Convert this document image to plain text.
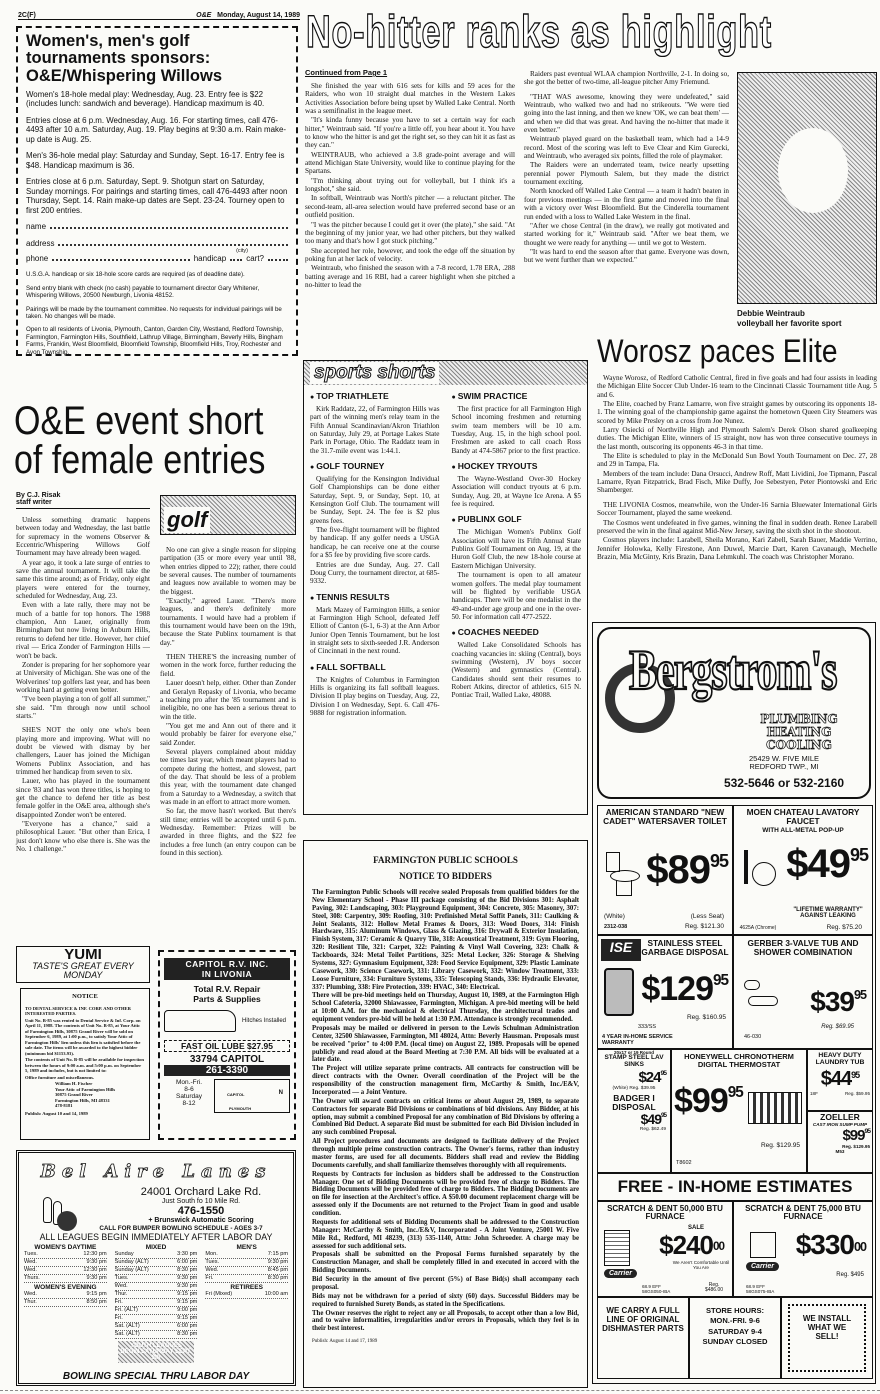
2C(F)	O&E Monday, August 14, 1989
Women's, men's golf tournaments sponsors: O&E/Whispering Willows

Women's 18-hole medal play: Wednesday, Aug. 23. Entry fee is $22 (includes lunch: sandwich and beverage). Handicap maximum is 40.

Entries close at 6 p.m. Wednesday, Aug. 16. For starting times, call 476-4493 after 10 a.m. Saturday, Aug. 19. Play begins at 9:30 a.m. Rain make-up date is Aug. 25.

Men's 36-hole medal play: Saturday and Sunday, Sept. 16-17. Entry fee is $48. Handicap maximum is 36.

Entries close at 6 p.m. Saturday, Sept. 9. Shotgun start on Saturday, Sunday mornings. For pairings and starting times, call 476-4493 after noon Thursday, Sept. 14. Rain make-up dates are Sept. 23-24. Tourney open to first 200 entries.

name
address
(city)
phone	handicap	cart?

U.S.G.A. handicap or six 18-hole score cards are required (as of deadline date).

Send entry blank with check (no cash) payable to tournament director Gary Whitener, Whispering Willows, 20500 Newburgh, Livonia 48152.

Pairings will be made by the tournament committee. No requests for individual pairings will be taken. No changes will be made.

Open to all residents of Livonia, Plymouth, Canton, Garden City, Westland, Redford Township, Farmington, Farmington Hills, Southfield, Lathrup Village, Birmingham, Beverly Hills, Bingham Farms, Franklin, West Bloomfield, Bloomfield Township, Bloomfield Hills, Troy, Rochester and Avon Township.

No-hitter ranks as highlight
Continued from Page 1

She finished the year with 616 sets for kills and 59 aces for the Raiders, who won 10 straight dual matches in the Western Lakes Activities Association before being upset by Walled Lake Central. North was a semifinalist in the league meet.

"It's kinda funny because you have to set a certain way for each hitter," Weintraub said. "If you're a little off, you hear about it. You have to know who the hitter is and get the right set, so they can hit it as fast as they can."

WEINTRAUB, who achieved a 3.8 grade-point average and will attend Michigan State University, would like to continue playing for the Spartans.

"I'm thinking about trying out for volleyball, but I think it's a longshot," she said.

In softball, Weintraub was North's pitcher — a reluctant pitcher. The second-team, all-area selection would have preferred second base or an outfield position.

"I was the pitcher because I could get it over (the plate)," she said. "At the beginning of my junior year, we had other pitchers, but they walked too many and that's how I got stuck pitching."

She accepted her role, however, and took the edge off the situation by poking fun at her lack of velocity.

Weintraub, who finished the season with a 7-8 record, 1.78 ERA, .288 batting average and 16 RBI, had a career highlight when she pitched a no-hitter to lead the

Raiders past eventual WLAA champion Northville, 2-1. In doing so, she got the better of two-time, all-league pitcher Amy Friemund.

"THAT WAS awesome, knowing they were undefeated," said Weintraub, who walked two and had no strikeouts. "We were tied going into the last inning, and then we knew 'OK, we can beat them' — and when we did that was great. And having the no-hitter that made it even better."

Weintraub played guard on the basketball team, which had a 14-9 record. Most of the scoring was left to Eve Clear and Kim Gurecki, and Weintraub, who averaged six points, filled the role of playmaker.

The Raiders were an underrated team, twice nearly upsetting perennial power Plymouth Salem, but they made the district tournament exciting.

North knocked off Walled Lake Central — a team it hadn't beaten in four previous meetings — in the first game and moved into the final with a victory over West Bloomfield. But the Cinderella tournament run ended with a loss to Walled Lake Western in the final.

"After we chose Central (in the draw), we really got motivated and started working for it," Weintraub said. "After we beat them, we thought we were ready for anything — until we got to Western.

"It was hard to end the season after that game. Everyone was down, but we went further than we expected."

Debbie Weintraub
volleyball her favorite sport
sports shorts
● TOP TRIATHLETE

Kirk Raddatz, 22, of Farmington Hills was part of the winning men's relay team in the Fifth Annual Scandinavian/Akron Triathlon on Saturday, July 29, at Portage Lakes State Park in Portage, Ohio. The Raddatz team in the 31.7-mile event was 1:44.1.

● GOLF TOURNEY

Qualifying for the Kensington Individual Golf Championships can be done either Saturday, Sept. 9, or Sunday, Sept. 10, at Kensington Golf Club. The tournament will be Sunday, Sept. 24. The fee is $2 plus greens fees.

The five-flight tournament will be flighted by handicap. If any golfer needs a USGA handicap, he can receive one at the course for a $5 fee by providing five score cards.

Entries are due Sunday, Aug. 27. Call Doug Curry, the tournament director, at 685-9332.

● TENNIS RESULTS

Mark Mazey of Farmington Hills, a senior at Farmington High School, defeated Jeff Elliott of Canton (6-1, 6-3) at the Ann Arbor Junior Open Tennis Tournament, but he lost in straight sets to sixth-seeded J.R. Anderson of Cincinnati in the next round.

● FALL SOFTBALL

The Knights of Columbus in Farmington Hills is organizing its fall softball leagues. Division II play begins on Tuesday, Aug. 22, Division I on Wednesday, Sept. 6. Call 476-9888 for registration information.

● SWIM PRACTICE

The first practice for all Farmington High School incoming freshmen and returning swim team members will be 10 a.m. Tuesday, Aug. 15, in the high school pool. Freshmen are asked to call coach Ross Bandy at 474-5867 prior to the first practice.

● HOCKEY TRYOUTS

The Wayne-Westland Over-30 Hockey Association will conduct tryouts at 6 p.m. Sunday, Aug. 20, at Wayne Ice Arena. A $5 fee is required.

● PUBLINX GOLF

The Michigan Women's Publinx Golf Association will have its Fifth Annual State Publinx Golf Tournament on Aug. 19, at the Huron Golf Club, the new 18-hole course at Eastern Michigan University.

The tournament is open to all amateur women golfers. The medal play tournament will be flighted by verifiable USGA handicaps. There will be one medalist in the 49-and-under age group and one in the over-50. For information call 477-2522.

● COACHES NEEDED

Walled Lake Consolidated Schools has coaching vacancies in: skiing (Central), boys swimming (Western), JV boys soccer (Western) and gymnastics (Central). Candidates should sent their resumes to Robert Atkins, director of athletics, 615 N. Pontiac Trail, Walled Lake, 48088.

Worosz paces Elite

Wayne Worosz, of Redford Catholic Central, fired in five goals and had four assists in leading the Michigan Elite Soccer Club Under-16 team to the Cincinnati Classic Tournament title Aug. 5 and 6.

The Elite, coached by Franz Lamarre, won five straight games by outscoring its opponents 18-1. The winning goal of the championship game against the hometown Queen City Steamers was scored by Mike Presley on a cross from Joe Nunez.

Larry Osiecki of Northville High and Plymouth Salem's Derek Olson shared goalkeeping duties. The Michigan Elite, winners of 15 straight, now has won three consecutive tourneys in the last month, outscoring its opponents 46-3 in that time.

The Elite is scheduled to play in the McDonald Sun Bowl Youth Tournament on Dec. 27, 28 and 29 in Tampa, Fla.

Members of the team include: Dana Orsucci, Andrew Roff, Matt Lividini, Joe Tipmann, Pascal Lamarre, Ryan Fitzpatrick, Brad Fisch, Mike Duffy, Joe Sebestyen, Peter Piontowski and Eric Shamberger.

THE LIVONIA Cosmos, meanwhile, won the Under-16 Sarnia Bluewater International Girls Soccer Tournament, played the same weekend.

The Cosmos went undefeated in five games, winning the final in sudden death. Renee Larabell preserved the win in the final against Mid-New Jersey, saving the sixth shot in the shootout.

Cosmos players include: Larabell, Sheila Morano, Kari Zabell, Sarah Bauer, Maddie Verrino, Jennifer Holowka, Kelly Firestone, Ann Duwel, Marcie Dart, Karen Cavanaugh, Mechelle Brazin, Mia McGinty, Kris Brazin, Dana Lehmkuhl. The coach was Christopher Morano.

O&E event short of female entries
By C.J. Risak
staff writer

Unless something dramatic happens between today and Wednesday, the last battle for supremacy in the womens Observer & Eccentric/Whispering Willows Golf Tournament may have already been waged.

A year ago, it took a late surge of entries to save the annual tournament. It will take the same this time around; as of Friday, only eight players were entered for the tourney, scheduled for Wednesday, Aug. 23.

Even with a late rally, there may not be much of a battle for top honors. The 1988 champion, Ann Lauer, originally from Birmingham but now living in Auburn Hills, returns to defend her title. However, her chief rival — Erica Zonder of Farmington Hills — won't be back.

Zonder is preparing for her sophomore year at University of Michigan. She was one of the Wolverines' top golfers last year, and has been working hard at getting even better.

"I've been playing a ton of golf all summer," she said. "I'm through now until school starts."

SHE'S NOT the only one who's been playing more and improving. What will no doubt be viewed with dismay by her challengers, Lauer has joined the Michigan Womens Publinx Association, and has trimmed her handicap from seven to six.

Lauer, who has played in the tournament since '83 and has won three titles, is hoping to get the chance to defend her title as best female golfer in the O&E area, although she's disappointed Zonder won't be entered.

"Everyone has a chance," said a philosophical Lauer. "But other than Erica, I just don't know who else there is. She was the No. 1 challenge."

golf

No one can give a single reason for slipping partipation (35 or more every year until '88, when entries dipped to 22); rather, there could be several causes. The number of tournaments and leagues now available to women may be the biggest.

"Exactly," agreed Lauer. "There's more leagues, and there's definitely more tournaments. I would have had a problem if this tournament would have been on the 19th, because the State Publinx tournament is that day."

THEN THERE'S the increasing number of women in the work force, further reducing the field.

Lauer doesn't help, either. Other than Zonder and Geralyn Repasky of Livonia, who became a teaching pro after the '85 tournament and is ineligible, no one has been a serious threat to win the title.

"You get me and Ann out of there and it would probably be fairer for everyone else," said Zonder.

Several players complained about midday tee times last year, which meant players had to compete during the hottest, and slowest, part of the day. That should be less of a problem this year, with the tournament date changed from a Saturday to a Wednesday, a switch that was made in an effort to attract more women.

So far, the move hasn't worked. But there's still time; entries will be accepted until 6 p.m. Wednesday. Remember: Prizes will be awarded in three flights, and the $22 fee includes a free lunch (an entry coupon can be found in this section).

FARMINGTON PUBLIC SCHOOLS
NOTICE TO BIDDERS

The Farmington Public Schools will receive sealed Proposals from qualified bidders for the New Elementary School - Phase III package consisting of the Bid Divisions 301: Asphalt Paving, 302: Landscaping, 303: Playground Equipment, 304: Concrete, 305: Masonry, 307: Steel, 308: Carpentry, 309: Roofing, 310: Prefinished Metal Soffit Panels, 311: Caulking & Joint Sealants, 312: Hollow Metal Frames & Doors, 313: Wood Doors, 314: Finish Hardware, 315: Aluminum Windows, Glass & Glazing, 316: Drywall & Exterior Insulation, Finish System, 317: Ceramic & Quarry Tile, 318: Acoustical Treatment, 319: Gym Flooring, 320: Resilient Tile, 321: Carpet, 322: Painting & Vinyl Wall Covering, 323: Chalk & Tackboards, 324: Metal Toilet Partitions, 325: Metal Locker, 326: Storage & Shelving Systems, 327: Gymnasium Equipment, 328: Food Service Equipment, 329: Plastic Laminate Casework, 330: Science Casework, 331: Library Casework, 332: Window Treatment, 333: Loose Furniture, 334: Furniture Systems, 335: Telescoping Stands, 336: Hydraulic Elevator, 337: Plumbing, 338: Fire Protection, 339: HVAC, 340: Electrical.

There will be pre-bid meetings held on Thursday, August 10, 1989, at the Farmington High School Cafeteria, 32000 Shiawassee, Farmington, Michigan. A pre-bid meeting will be held at 10:00 A.M. for the mechanical & electrical Thursday, the architectural trades and equipment vendors pre-bid will be held at 1:30 P.M. Attendance is strongly recommended.

Proposals may be mailed or delivered in person to the Lewis Schulman Administration Center, 32500 Shiawassee, Farmington, MI 48024, Attn: Beverly Hausman. Proposals must be received "prior" to 4:00 P.M. (local time) on August 22, 1989. Proposals will be opened publicly and read aloud at the Board Meeting at 7:30 P.M. All bids will be evaluated at a later date.

The Project will utilize separate prime contracts. All contracts for construction will be direct contracts with the Owner. Overall coordination of the Project will be the responsibility of the construction management firm, McCarthy & Smith, Inc./E&V, Incorporated — a Joint Venture.

The Owner will award contracts on critical items or about August 29, 1989, to separate Contractors for separate Bid Divisions or combinations of bid divisions. Any Bidder, at his option, may submit a combined Proposal for any combination of Bid Divisions by offering a Combined Bid Deduct. A separate Bid must be submitted for each Bid Division included in any such combined Proposal.

All Project procedures and documents are designed to facilitate delivery of the Project through multiple prime construction contracts. The Owner's forms, rather than industry master forms, are used for all documents. Bidders shall read and review the Bidding Documents carefully, and shall familiarize themselves thoroughly with all requirements.

Requests by Contracts for inclusion as bidders shall be addressed to the Construction Manager. One set of Bidding Documents will be provided free of charge to Bidders. The Bidding Documents will be provided free of charge to Bidders. The Bidding Documents are on file for insection at the Architect's office. A $50.00 document replacement charge will be assessed only if the Documents are not returned to the Project Team in good and usable condition.

Requests for additional sets of Bidding Documents shall be addressed to the Construction Manager: McCarthy & Smith, Inc./E&V, Incorporated - A Joint Venture, 25001 W. Five Mile Rd., Redford, MI 48239, (313) 535-1140, Attn: John Schroeder. A charge may be assessed for such additional sets.

Proposals shall be submitted on the Proposal Forms furnished separately by the Construction Manager, and shall be completely filled in and executed in accord with the Bidding Documents.

Bid Security in the amount of five percent (5%) of Base Bid(s) shall accompany each proposal.

Bids may not be withdrawn for a period of sixty (60) days. Successful Bidders may be required to furnished Surety Bonds, as stated in the Specifications.

The Owner reserves the right to reject any or all Proposals, to accept other than a low Bid, and to waive informalities, irregularities and/or errors in Proposals, which they feel is in their best interest.

Publish: August 14 and 17, 1989
YUMI
TASTE'S GREAT EVERY
MONDAY
NOTICE

TO DENTAL SERVICE & INF. CORP. AND OTHER INTERESTED PARTIES.

Unit No. B-85 was rented to Dental Service & Inf. Corp. on April 11, 1988. The contents of Unit No. B-85, at Your Attic of Farmington Hills, 30875 Grand River will be sold on September 6, 1989, at 1:00 p.m., to satisfy Your Attic of Farmington Hills' lien unless this lien is satisfied before the sale date. The items will be awarded to the highest bidder (minimum bid $1153.93).

The contents of Unit No. B-85 will be available for inspection between the hours of 9:00 a.m. and 5:00 p.m. on September 5, 1989 and includes, but is not limited to:

Office furniture and miscellaneous.

William H. Fischer

Your Attic of Farmington Hills

30875 Grand River

Farmington Hills, MI 48331

478-8181

Publish: August 10 and 14, 1989
CAPITOL R.V. INC.
IN LIVONIA
Total R.V. Repair
Parts & Supplies
Hitches Installed
FAST OIL LUBE $27.95
33794 CAPITOL
261-3390

Mon.-Fri.

8-6

Saturday

8-12

CAPITOL
PLYMOUTH
N
Bel Aire Lanes
24001 Orchard Lake Rd.
Just South fo 10 Mile Rd.
476-1550
+ Brunswick Automatic Scoring
CALL FOR BUMPER BOWLING SCHEDULE - AGES 3-7
ALL LEAGUES BEGIN IMMEDIATELY AFTER LABOR DAY
WOMEN'S DAYTIME
Tues.	12:30 pm
Wed.	9:30 pm
Wed.	12:30 pm
Thurs.	9:30 pm
WOMEN'S EVENING
Wed.	9:15 pm
Thur.	8:50 pm
MIXED
Sunday	3:30 pm
Sunday (ALT)	6:00 pm
Sunday (ALT)	8:30 pm
Tues.	9:30 pm
Wed.	9:30 pm
Thur.	9:15 pm
Fri.	9:15 pm
Fri. (ALT)	9:00 pm
Fri.	9:15 pm
Sat. (ALT)	6:00 pm
Sat. (ALT)	8:30 pm
MEN'S
Mon.	7:15 pm
Tues.	9:30 pm
Wed.	8:45 pm
Fri.	8:30 pm
RETIREES
Fri (Mixed)	10:00 am
YOUTH LEAGUES BEGIN SATURDAY SEPT. 9th
BOWLING SPECIAL THRU LABOR DAY
Bergstrom's
PLUMBING
HEATING
COOLING
25429 W. FIVE MILE
REDFORD TWP., MI
532-5646 or 532-2160
AMERICAN STANDARD "NEW CADET" WATERSAVER TOILET
$\$89^{95}$
(White)
2312-038
(Less Seat)
Reg. $121.30
MOEN CHATEAU LAVATORY FAUCET
WITH ALL-METAL POP-UP
$\$49^{95}$
"LIFETIME WARRANTY" AGAINST LEAKING
4625A (Chrome)	Reg. $75.20
ISE	STAINLESS STEEL GARBAGE DISPOSAL
$\$129^{95}$
Reg. $160.95
333/SS
4 YEAR IN-HOME SERVICE WARRANTY
GERBER 3-VALVE TUB AND SHOWER COMBINATION
$\$39^{95}$
Reg. $69.95
46-030
20x17 or 19 Round
STAMP STEEL LAV SINKS
$\$24^{95}$
(White) Reg. $39.95
BADGER I DISPOSAL
$\$49^{95}$
Reg. $62.49
HONEYWELL CHRONOTHERM DIGITAL THERMOSTAT
$\$99^{95}$
Reg. $129.95
T8602
HEAVY DUTY LAUNDRY TUB
$\$44^{95}$
18F	Reg. $59.95
ZOELLER
CAST IRON SUMP PUMP
$\$99^{95}$
Reg. $129.95
M53
FREE - IN-HOME ESTIMATES
SCRATCH & DENT 50,000 BTU FURNACE
SALE
$\$240^{00}$
Carrier
We Aren't Comfortable Until You Are
68.9 EFF
58GS050-IBA
Reg. $486.00
SCRATCH & DENT 75,000 BTU FURNACE
$\$330^{00}$
Carrier
Reg. $495
68.9 EFF
58GS075-IBA
WE CARRY A FULL LINE OF ORIGINAL DISHMASTER PARTS
STORE HOURS:
MON.-FRI. 9-6
SATURDAY 9-4
SUNDAY CLOSED
WE INSTALL WHAT WE SELL!
